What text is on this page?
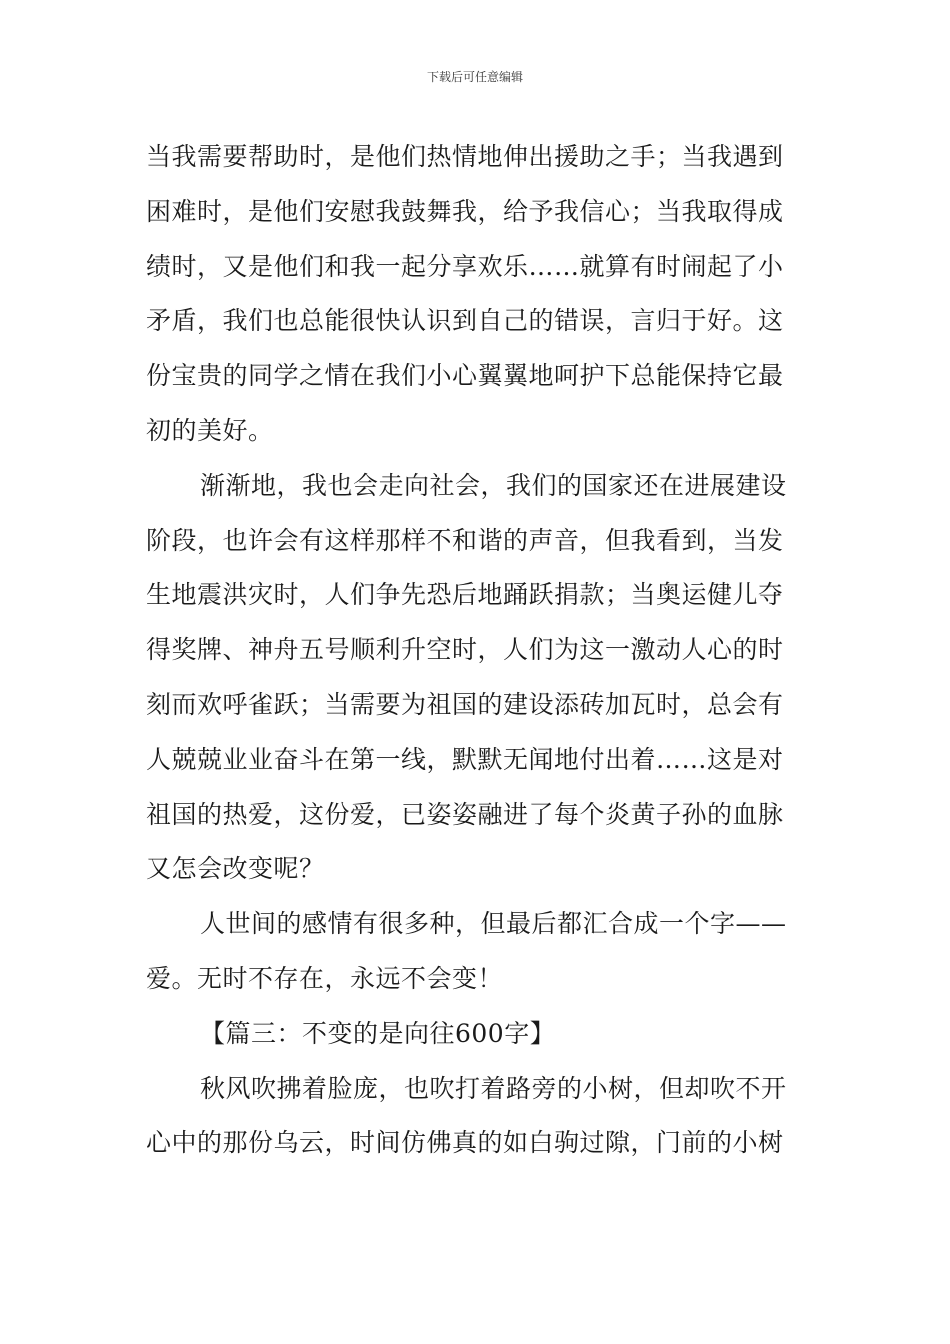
下载后可任意编辑
当我需要帮助时，是他们热情地伸出援助之手；当我遇到
困难时，是他们安慰我鼓舞我，给予我信心；当我取得成
绩时，又是他们和我一起分享欢乐……就算有时闹起了小
矛盾，我们也总能很快认识到自己的错误，言归于好。这
份宝贵的同学之情在我们小心翼翼地呵护下总能保持它最
初的美好。
渐渐地，我也会走向社会，我们的国家还在进展建设
阶段，也许会有这样那样不和谐的声音，但我看到，当发
生地震洪灾时，人们争先恐后地踊跃捐款；当奥运健儿夺
得奖牌、神舟五号顺利升空时，人们为这一激动人心的时
刻而欢呼雀跃；当需要为祖国的建设添砖加瓦时，总会有
人兢兢业业奋斗在第一线，默默无闻地付出着……这是对
祖国的热爱，这份爱，已姿姿融进了每个炎黄子孙的血脉
又怎会改变呢？
人世间的感情有很多种，但最后都汇合成一个字——
爱。无时不存在，永远不会变！
【篇三：不变的是向往600字】
秋风吹拂着脸庞，也吹打着路旁的小树，但却吹不开
心中的那份乌云，时间仿佛真的如白驹过隙，门前的小树
